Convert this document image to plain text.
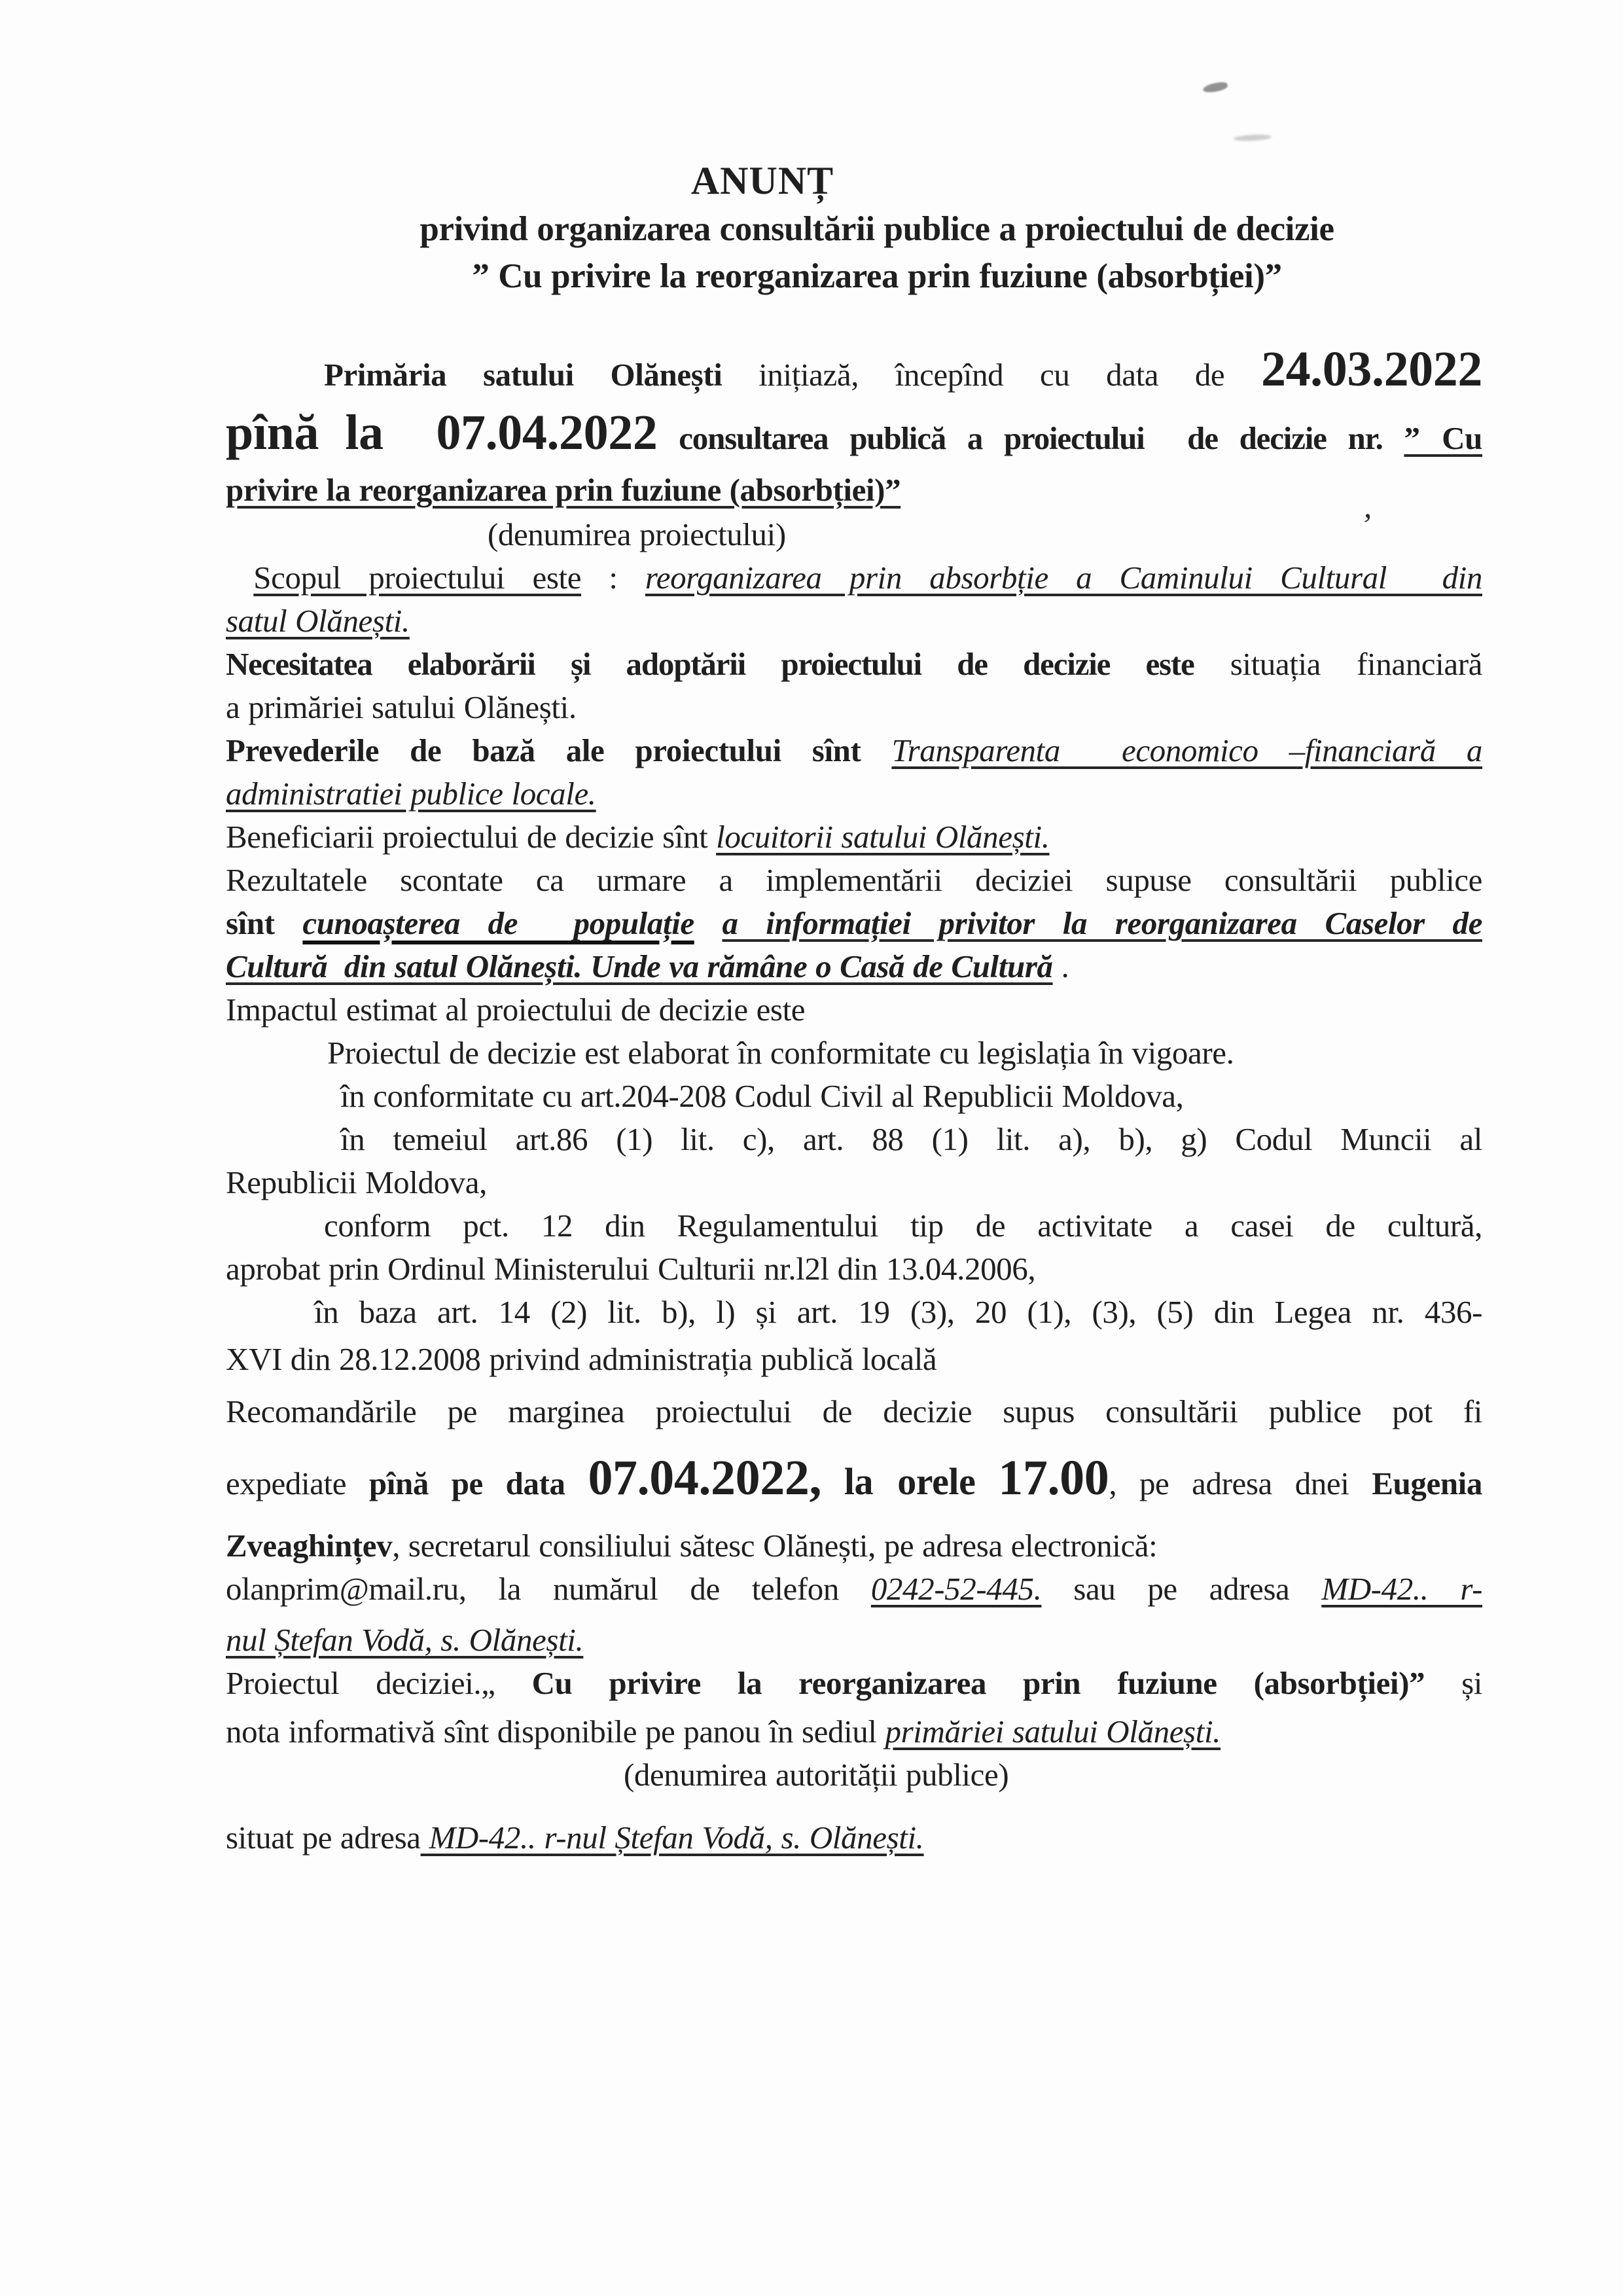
’
ANUNȚ
privind organizarea consultării publice a proiectului de decizie
” Cu privire la reorganizarea prin fuziune (absorbției)”
Primăria satului Olănești inițiază, începînd cu data de 24.03.2022
pînă la  07.04.2022 consultarea publică a proiectului  de decizie nr. ” Cu
privire la reorganizarea prin fuziune (absorbției)”
(denumirea proiectului)
Scopul proiectului este : reorganizarea prin absorbție a Caminului Cultural  din
satul Olănești.
Necesitatea elaborării și adoptării proiectului de decizie este situația financiară
a primăriei satului Olănești.
Prevederile de bază ale proiectului sînt Transparenta  economico –financiară a
administratiei publice locale.
Beneficiarii proiectului de decizie sînt locuitorii satului Olănești.
Rezultatele scontate ca urmare a implementării deciziei supuse consultării publice
sînt cunoașterea de  populație a informației privitor la reorganizarea Caselor de
Cultură  din satul Olănești. Unde va rămâne o Casă de Cultură .
Impactul estimat al proiectului de decizie este
Proiectul de decizie est elaborat în conformitate cu legislația în vigoare.
în conformitate cu art.204-208 Codul Civil al Republicii Moldova,
în temeiul art.86 (1) lit. c), art. 88 (1) lit. a), b), g) Codul Muncii al
Republicii Moldova,
conform pct. 12 din Regulamentului tip de activitate a casei de cultură,
aprobat prin Ordinul Ministerului Culturii nr.l2l din 13.04.2006,
în baza art. 14 (2) lit. b), l) și art. 19 (3), 20 (1), (3), (5) din Legea nr. 436-
XVI din 28.12.2008 privind administrația publică locală
Recomandările pe marginea proiectului de decizie supus consultării publice pot fi
expediate pînă pe data 07.04.2022, la orele 17.00, pe adresa dnei Eugenia
Zveaghințev, secretarul consiliului sătesc Olănești, pe adresa electronică:
olanprim@mail.ru, la numărul de telefon 0242-52-445. sau pe adresa MD-42.. r-
nul Ștefan Vodă, s. Olănești.
Proiectul deciziei.„ Cu privire la reorganizarea prin fuziune (absorbției)” și
nota informativă sînt disponibile pe panou în sediul primăriei satului Olănești.
(denumirea autorității publice)
situat pe adresa MD-42.. r-nul Ștefan Vodă, s. Olănești.
